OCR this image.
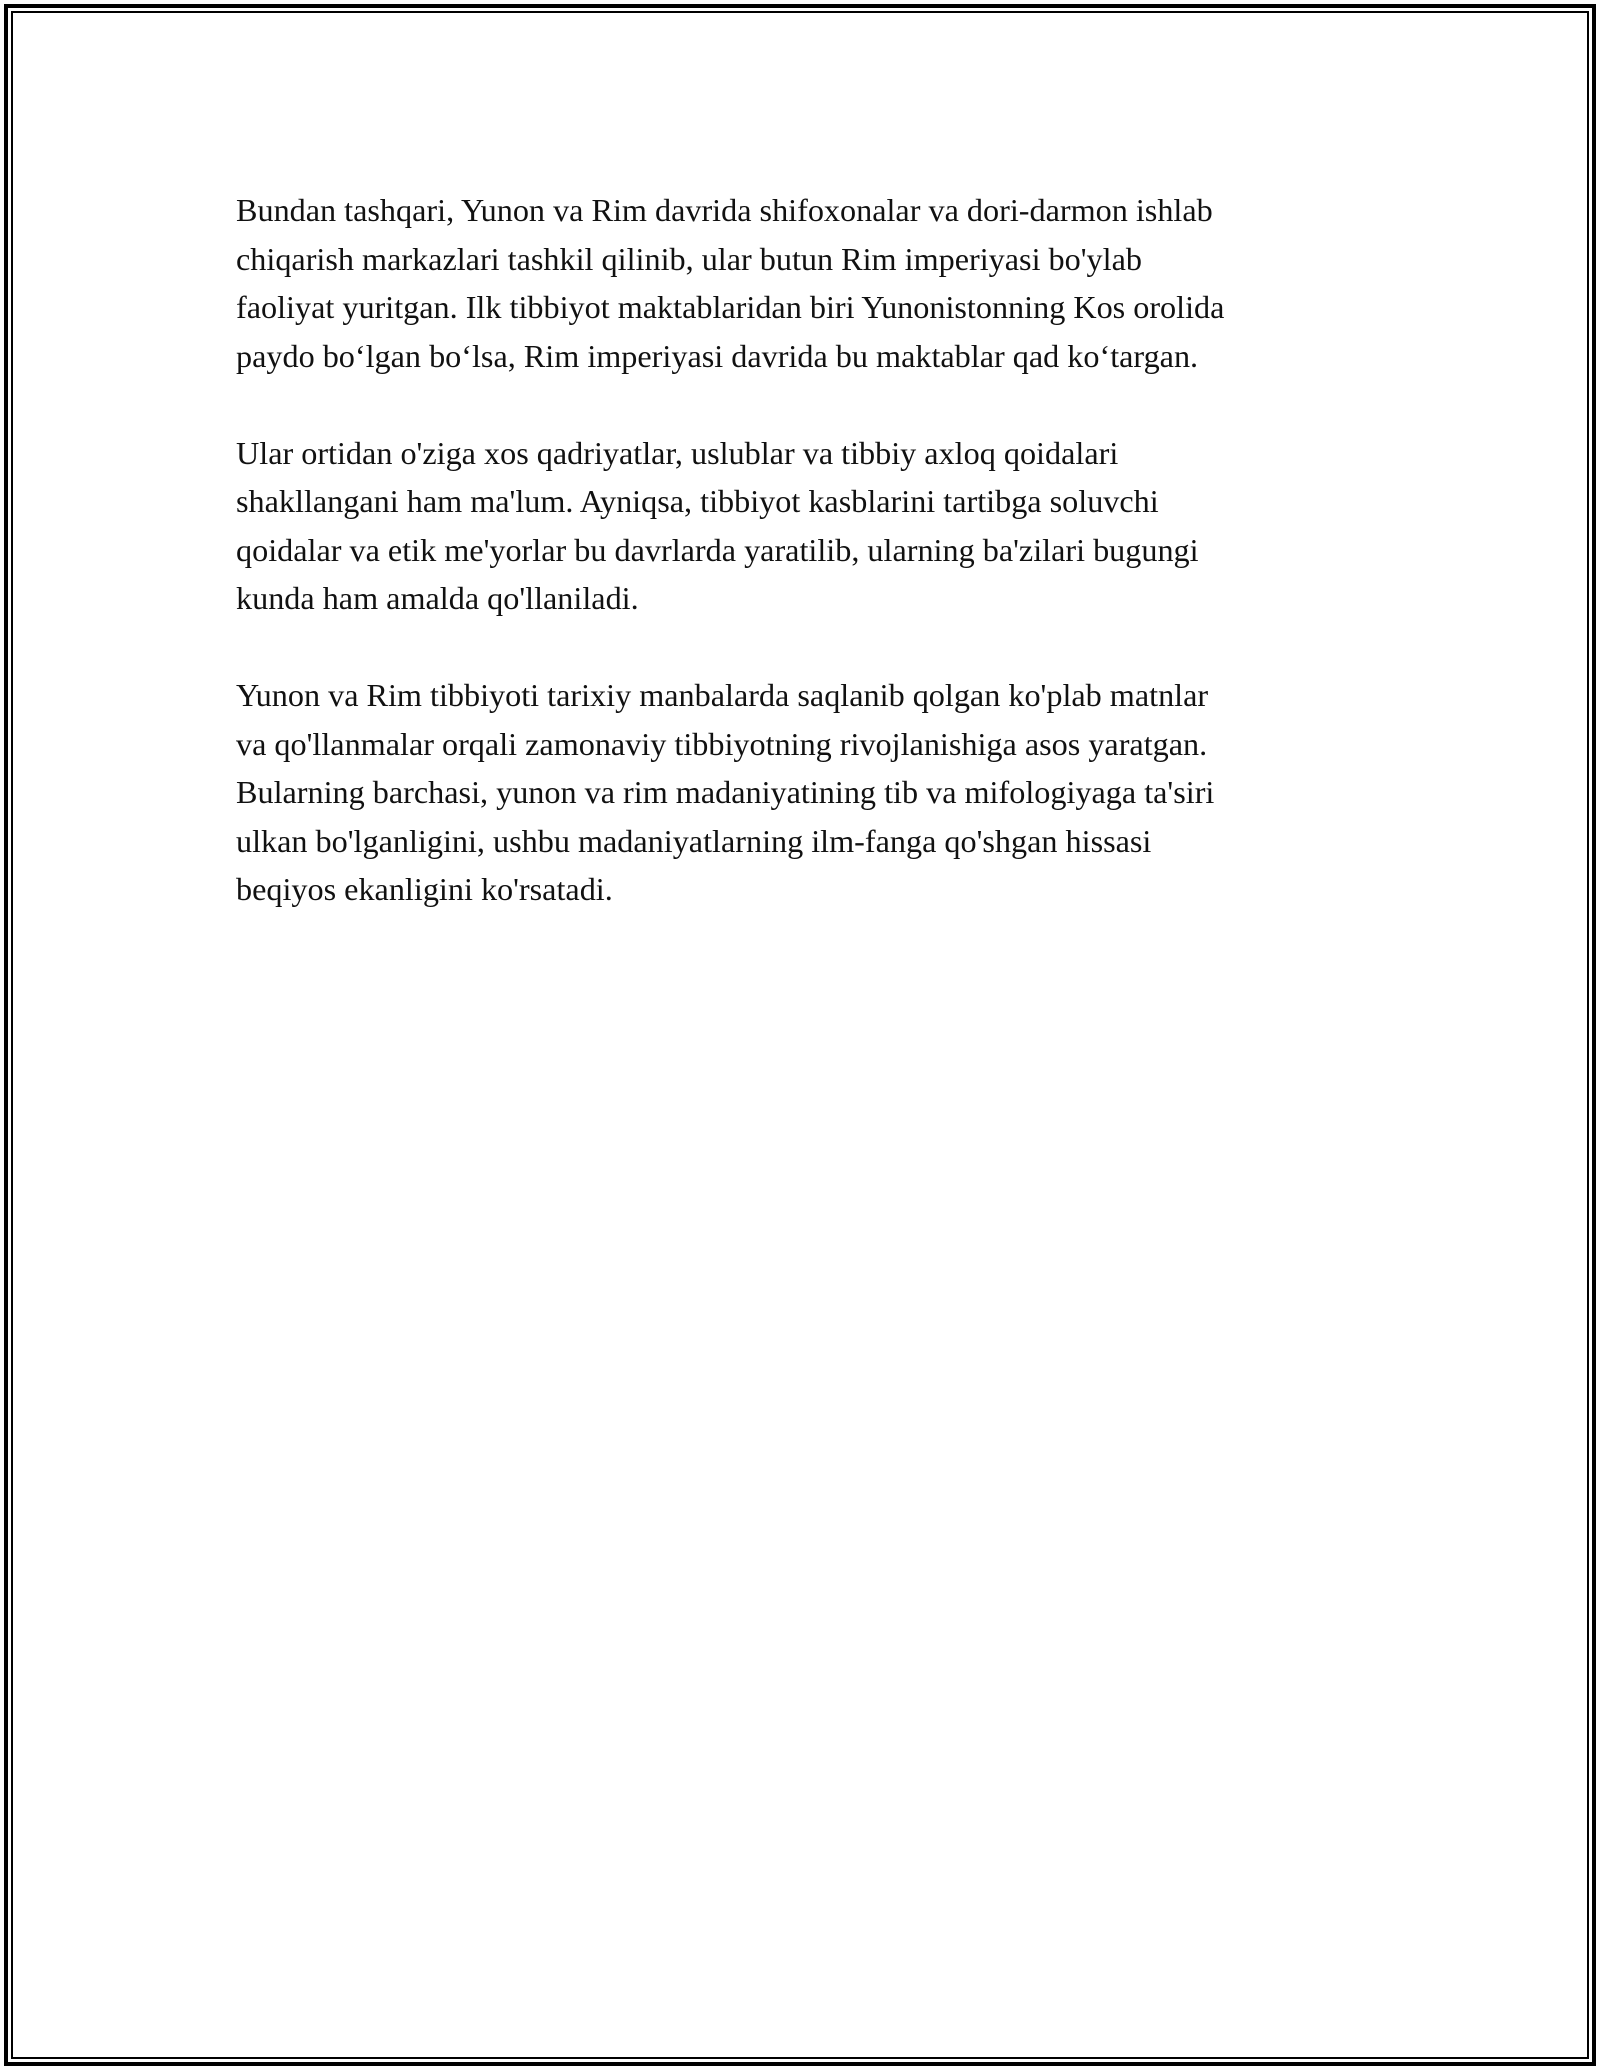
Bundan tashqari, Yunon va Rim davrida shifoxonalar va dori-darmon ishlab
chiqarish markazlari tashkil qilinib, ular butun Rim imperiyasi bo'ylab
faoliyat yuritgan. Ilk tibbiyot maktablaridan biri Yunonistonning Kos orolida
paydo bo‘lgan bo‘lsa, Rim imperiyasi davrida bu maktablar qad ko‘targan.

Ular ortidan o'ziga xos qadriyatlar, uslublar va tibbiy axloq qoidalari
shakllangani ham ma'lum. Ayniqsa, tibbiyot kasblarini tartibga soluvchi
qoidalar va etik me'yorlar bu davrlarda yaratilib, ularning ba'zilari bugungi
kunda ham amalda qo'llaniladi.

Yunon va Rim tibbiyoti tarixiy manbalarda saqlanib qolgan ko'plab matnlar
va qo'llanmalar orqali zamonaviy tibbiyotning rivojlanishiga asos yaratgan.
Bularning barchasi, yunon va rim madaniyatining tib va mifologiyaga ta'siri
ulkan bo'lganligini, ushbu madaniyatlarning ilm-fanga qo'shgan hissasi
beqiyos ekanligini ko'rsatadi.
